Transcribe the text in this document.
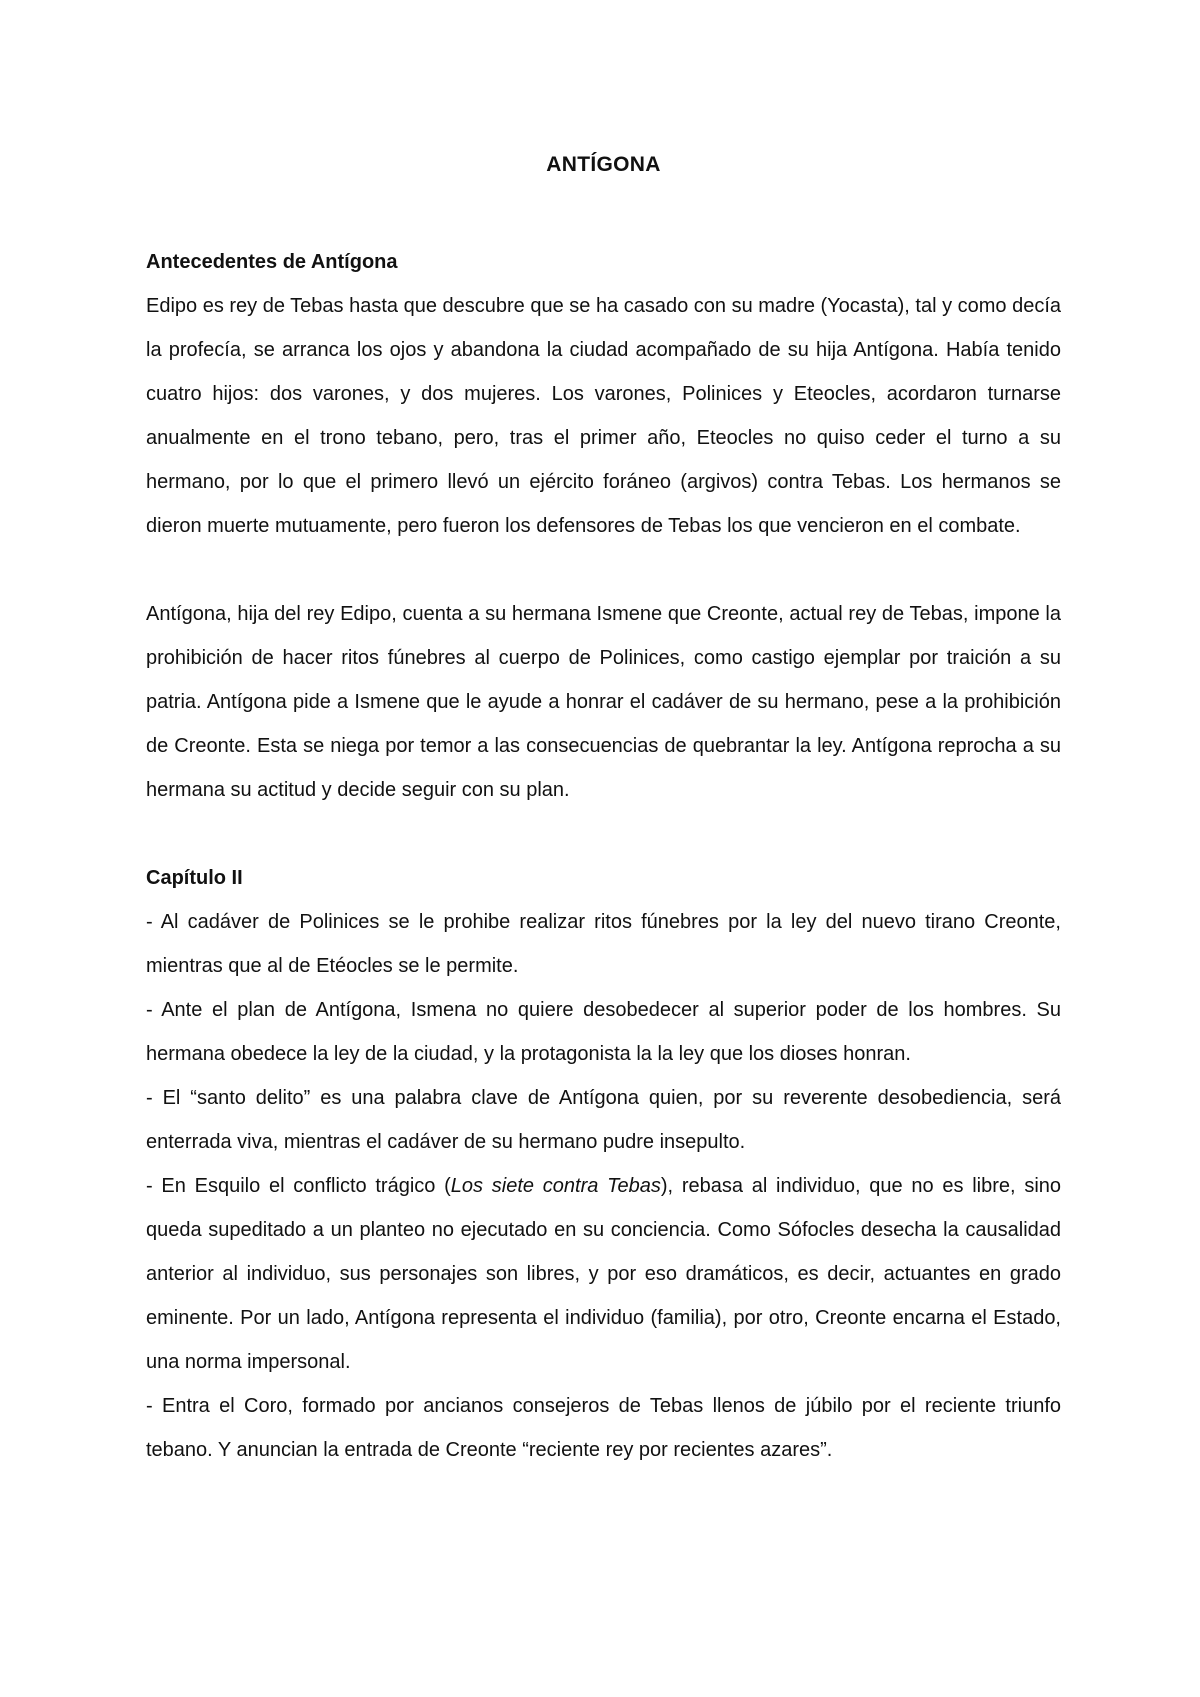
ANTÍGONA
Antecedentes de Antígona

Edipo es rey de Tebas hasta que descubre que se ha casado con su madre (Yocasta), tal y como decía la profecía, se arranca los ojos y abandona la ciudad acompañado de su hija Antígona. Había tenido cuatro hijos: dos varones, y dos mujeres. Los varones, Polinices y Eteocles, acordaron turnarse anualmente en el trono tebano, pero, tras el primer año, Eteocles no quiso ceder el turno a su hermano, por lo que el primero llevó un ejército foráneo (argivos) contra Tebas. Los hermanos se dieron muerte mutuamente, pero fueron los defensores de Tebas los que vencieron en el combate.

Antígona, hija del rey Edipo, cuenta a su hermana Ismene que Creonte, actual rey de Tebas, impone la prohibición de hacer ritos fúnebres al cuerpo de Polinices, como castigo ejemplar por traición a su patria. Antígona pide a Ismene que le ayude a honrar el cadáver de su hermano, pese a la prohibición de Creonte. Esta se niega por temor a las consecuencias de quebrantar la ley. Antígona reprocha a su hermana su actitud y decide seguir con su plan.

Capítulo II

- Al cadáver de Polinices se le prohibe realizar ritos fúnebres por la ley del nuevo tirano Creonte, mientras que al de Etéocles se le permite.

- Ante el plan de Antígona, Ismena no quiere desobedecer al superior poder de los hombres. Su hermana obedece la ley de la ciudad, y la protagonista la la ley que los dioses honran.

- El “santo delito” es una palabra clave de Antígona quien, por su reverente desobediencia, será enterrada viva, mientras el cadáver de su hermano pudre insepulto.

- En Esquilo el conflicto trágico (Los siete contra Tebas), rebasa al individuo, que no es libre, sino queda supeditado a un planteo no ejecutado en su conciencia. Como Sófocles desecha la causalidad anterior al individuo, sus personajes son libres, y por eso dramáticos, es decir, actuantes en grado eminente. Por un lado, Antígona representa el individuo (familia), por otro, Creonte encarna el Estado, una norma impersonal.

- Entra el Coro, formado por ancianos consejeros de Tebas llenos de júbilo por el reciente triunfo tebano. Y anuncian la entrada de Creonte “reciente rey por recientes azares”.
